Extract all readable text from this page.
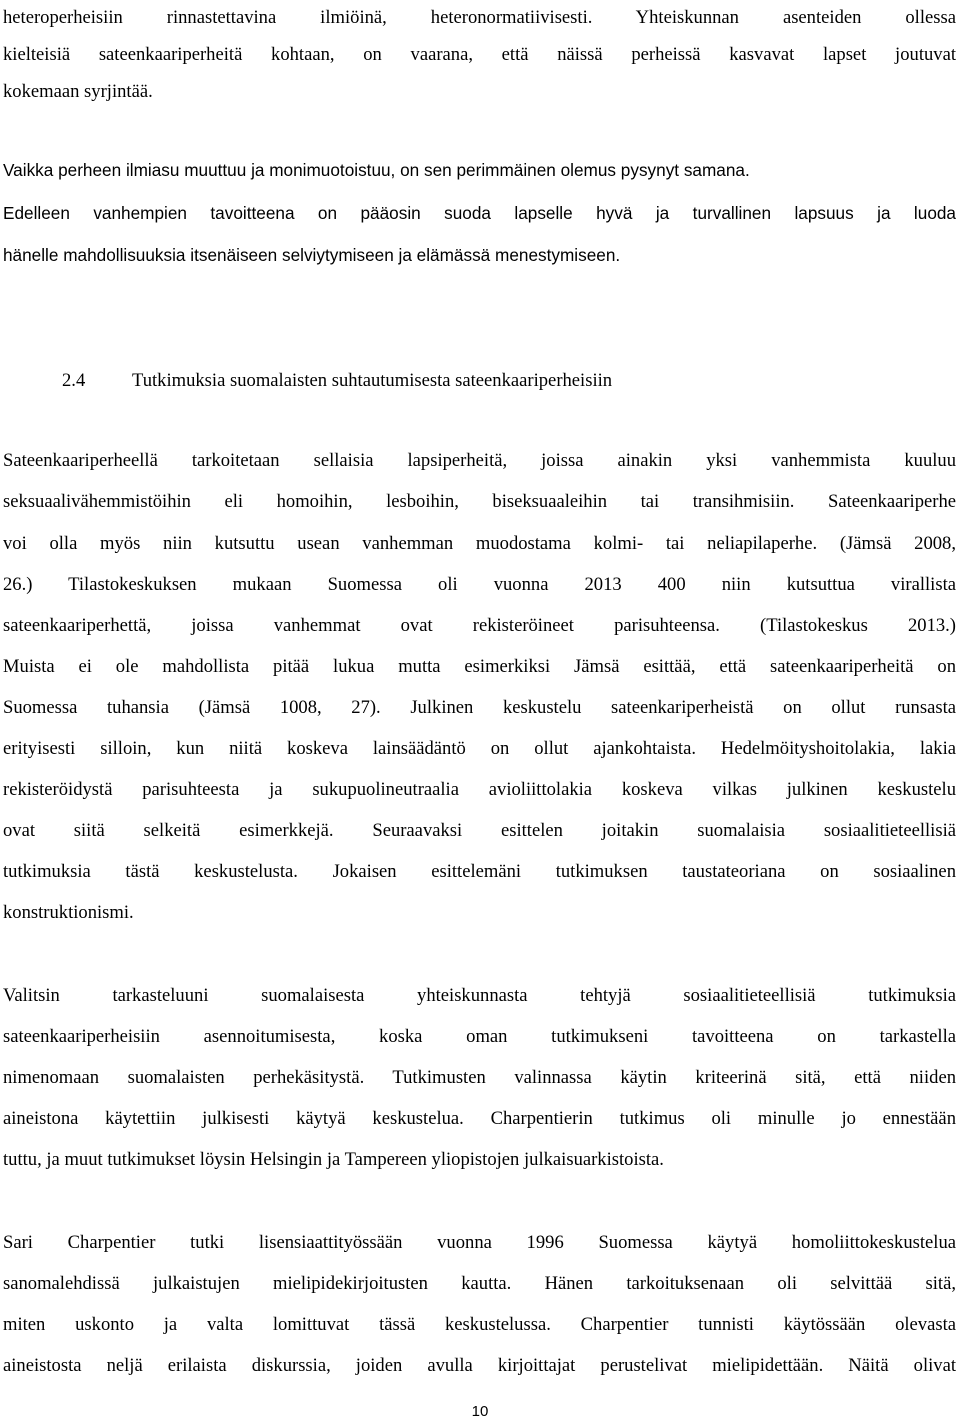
heteroperheisiin rinnastettavina ilmiöinä, heteronormatiivisesti. Yhteiskunnan asenteiden ollessa
kielteisiä sateenkaariperheitä kohtaan, on vaarana, että näissä perheissä kasvavat lapset joutuvat
kokemaan syrjintää.
Vaikka perheen ilmiasu muuttuu ja monimuotoistuu, on sen perimmäinen olemus pysynyt samana.
Edelleen vanhempien tavoitteena on pääosin suoda lapselle hyvä ja turvallinen lapsuus ja luoda
hänelle mahdollisuuksia itsenäiseen selviytymiseen ja elämässä menestymiseen.
2.4	Tutkimuksia suomalaisten suhtautumisesta sateenkaariperheisiin
Sateenkaariperheellä tarkoitetaan sellaisia lapsiperheitä, joissa ainakin yksi vanhemmista kuuluu
seksuaalivähemmistöihin eli homoihin, lesboihin, biseksuaaleihin tai transihmisiin. Sateenkaariperhe
voi olla myös niin kutsuttu usean vanhemman muodostama kolmi- tai neliapilaperhe. (Jämsä 2008,
26.) Tilastokeskuksen mukaan Suomessa oli vuonna 2013 400 niin kutsuttua virallista
sateenkaariperhettä, joissa vanhemmat ovat rekisteröineet parisuhteensa. (Tilastokeskus 2013.)
Muista ei ole mahdollista pitää lukua mutta esimerkiksi Jämsä esittää, että sateenkaariperheitä on
Suomessa tuhansia (Jämsä 1008, 27). Julkinen keskustelu sateenkariperheistä on ollut runsasta
erityisesti silloin, kun niitä koskeva lainsäädäntö on ollut ajankohtaista. Hedelmöityshoitolakia, lakia
rekisteröidystä parisuhteesta ja sukupuolineutraalia avioliittolakia koskeva vilkas julkinen keskustelu
ovat siitä selkeitä esimerkkejä. Seuraavaksi esittelen joitakin suomalaisia sosiaalitieteellisiä
tutkimuksia tästä keskustelusta. Jokaisen esittelemäni tutkimuksen taustateoriana on sosiaalinen
konstruktionismi.
Valitsin tarkasteluuni suomalaisesta yhteiskunnasta tehtyjä sosiaalitieteellisiä tutkimuksia
sateenkaariperheisiin asennoitumisesta, koska oman tutkimukseni tavoitteena on tarkastella
nimenomaan suomalaisten perhekäsitystä. Tutkimusten valinnassa käytin kriteerinä sitä, että niiden
aineistona käytettiin julkisesti käytyä keskustelua. Charpentierin tutkimus oli minulle jo ennestään
tuttu, ja muut tutkimukset löysin Helsingin ja Tampereen yliopistojen julkaisuarkistoista.
Sari Charpentier tutki lisensiaattityössään vuonna 1996 Suomessa käytyä homoliittokeskustelua
sanomalehdissä julkaistujen mielipidekirjoitusten kautta. Hänen tarkoituksenaan oli selvittää sitä,
miten uskonto ja valta lomittuvat tässä keskustelussa. Charpentier tunnisti käytössään olevasta
aineistosta neljä erilaista diskurssia, joiden avulla kirjoittajat perustelivat mielipidettään. Näitä olivat
10
